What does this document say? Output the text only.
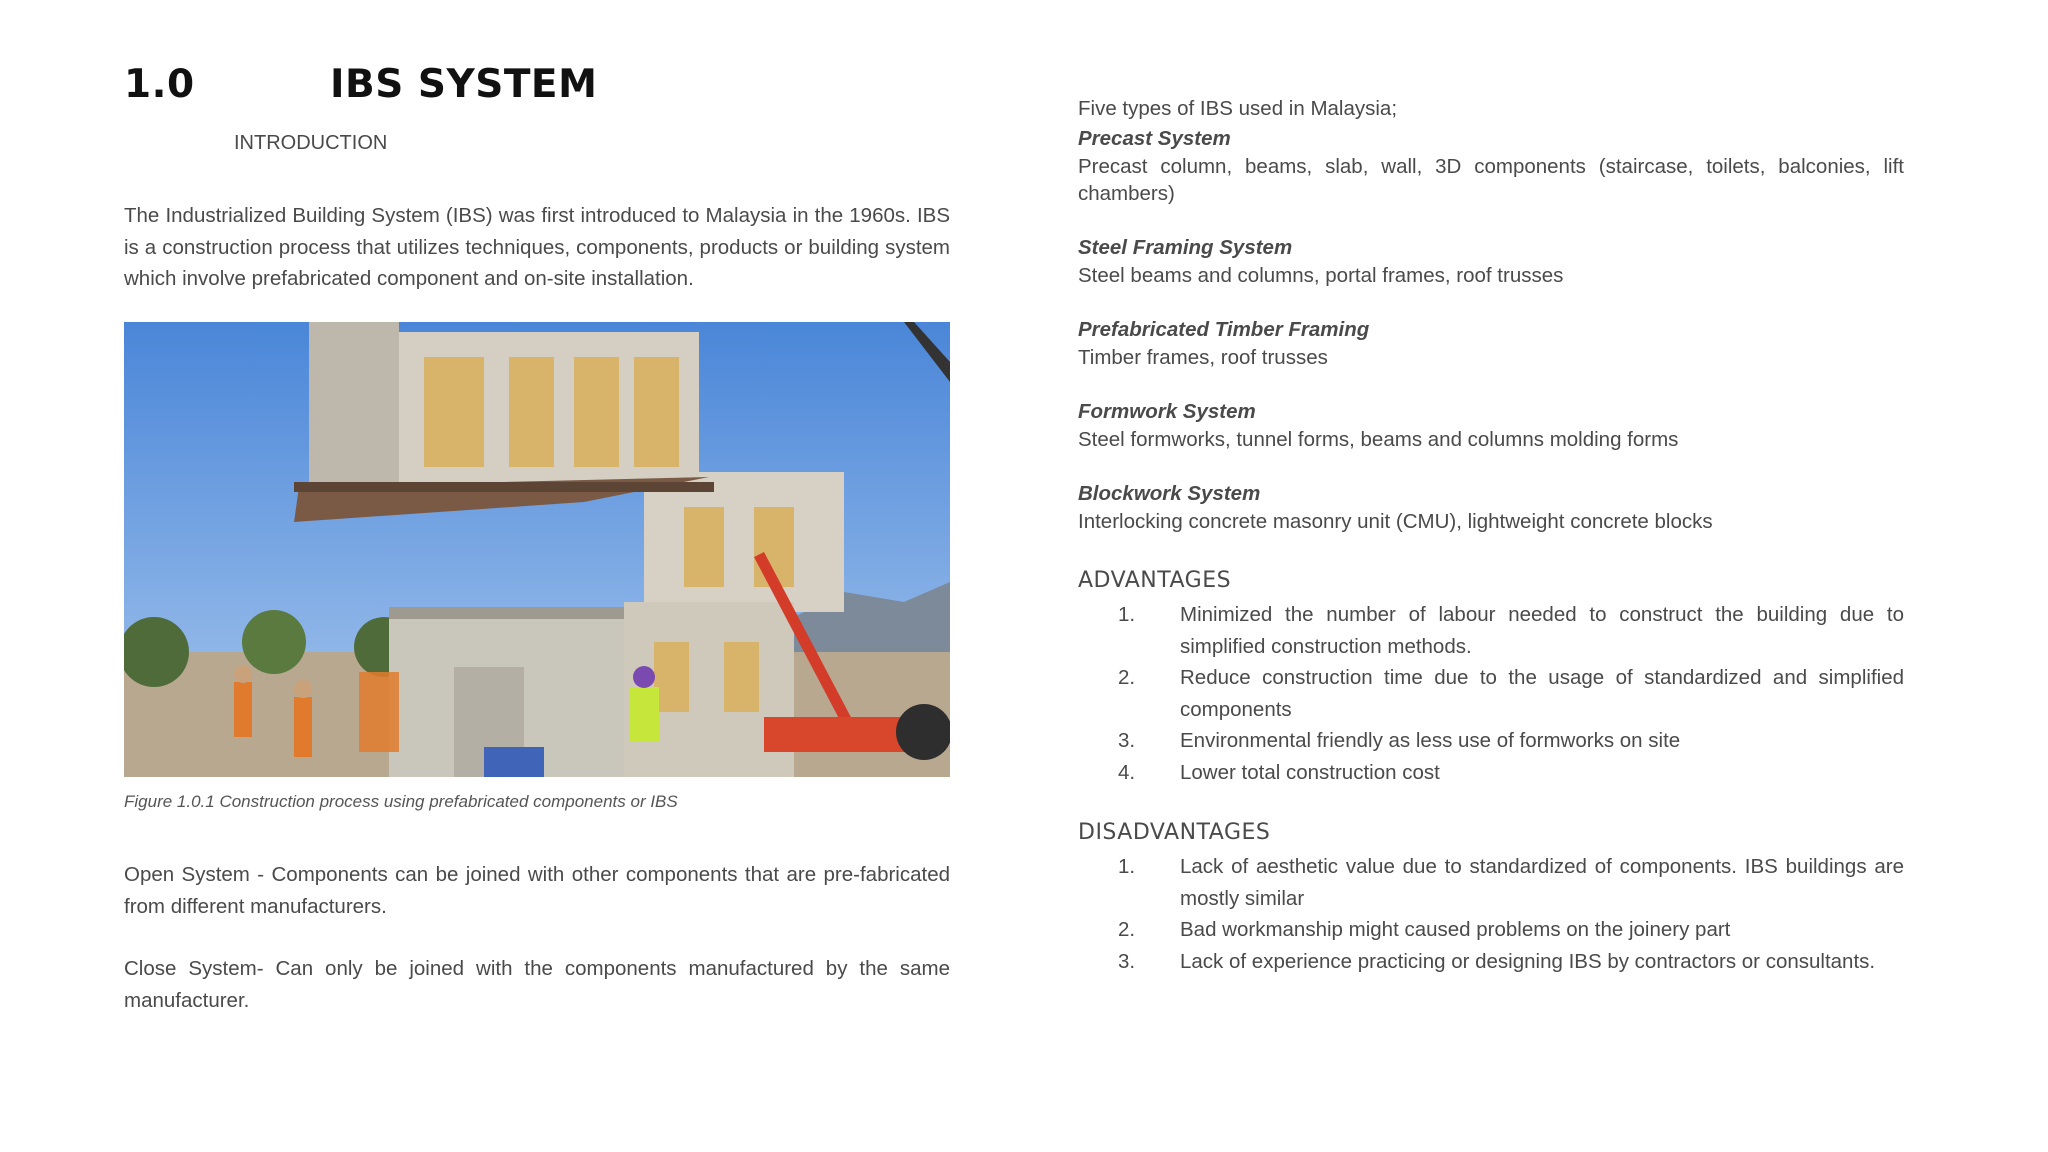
1.0	IBS SYSTEM
INTRODUCTION

The Industrialized Building System (IBS) was first introduced to Malaysia in the 1960s. IBS is a construction process that utilizes techniques, components, products or building system which involve prefabricated component and on-site installation.

Figure 1.0.1 Construction process using prefabricated components or IBS

Open System - Components can be joined with other components that are pre-fabricated from different manufacturers.

Close System- Can only be joined with the components manufactured by the same manufacturer.

Five types of IBS used in Malaysia;
Precast System
Precast column, beams, slab, wall, 3D components (staircase, toilets, balconies, lift chambers)
Steel Framing System
Steel beams and columns, portal frames, roof trusses
Prefabricated Timber Framing
Timber frames, roof trusses
Formwork System
Steel formworks, tunnel forms, beams and columns molding forms
Blockwork System
Interlocking concrete masonry unit (CMU), lightweight concrete blocks
ADVANTAGES
1. Minimized the number of labour needed to construct the building due to simplified construction methods.
2. Reduce construction time due to the usage of standardized and simplified components
3. Environmental friendly as less use of formworks on site
4. Lower total construction cost
DISADVANTAGES
1. Lack of aesthetic value due to standardized of components. IBS buildings are mostly similar
2. Bad workmanship might caused problems on the joinery part
3. Lack of experience practicing or designing IBS by contractors or consultants.
